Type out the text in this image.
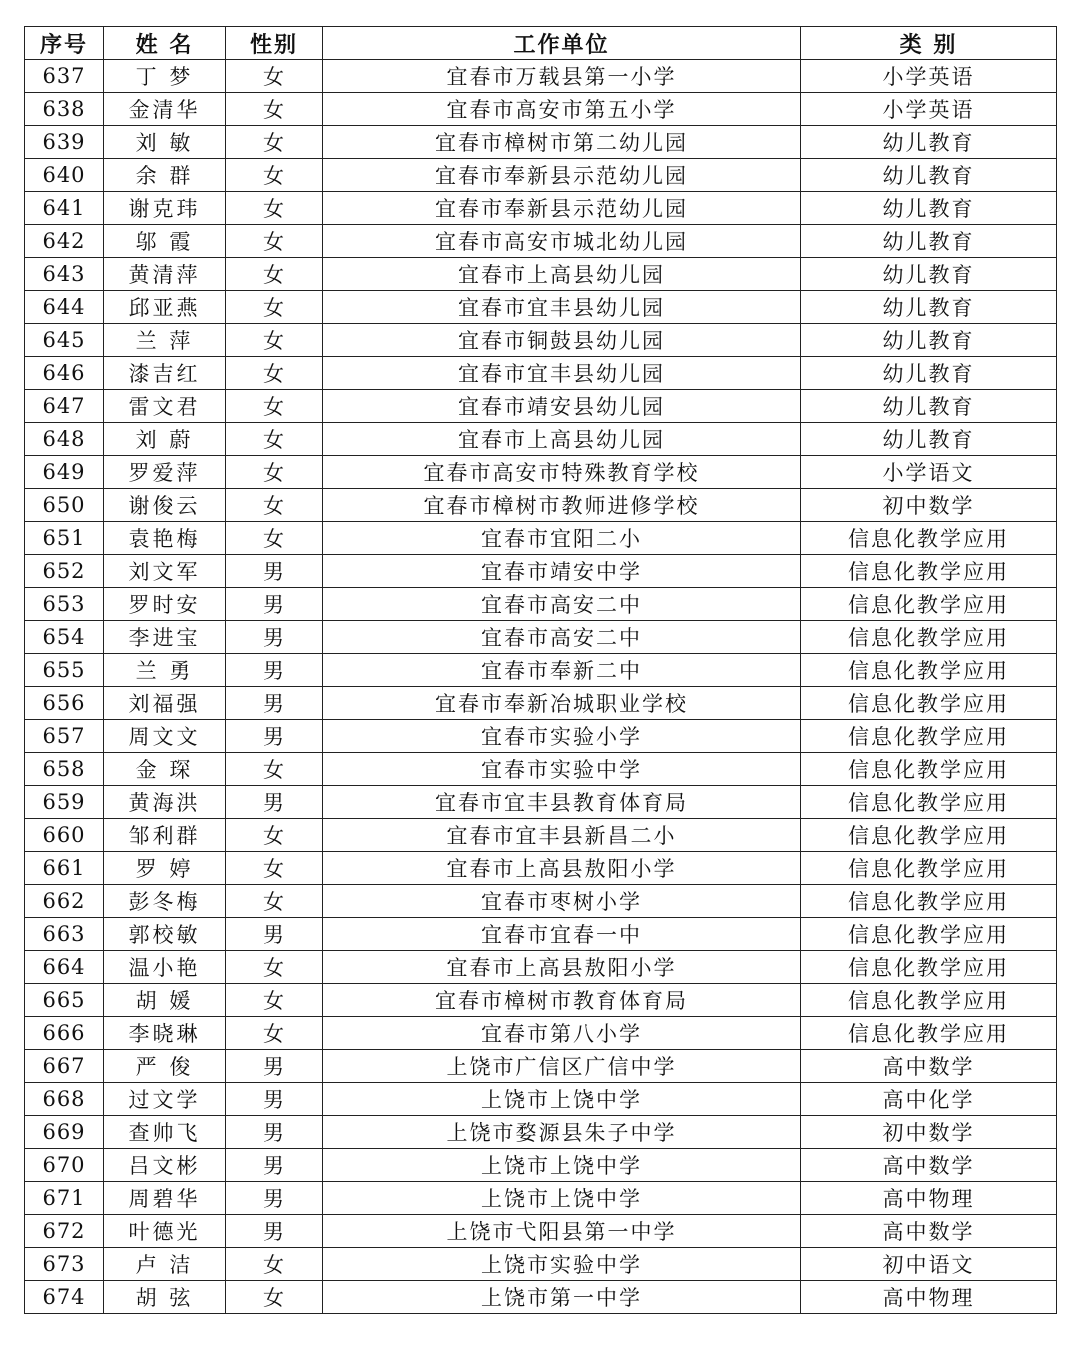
序号	姓 名	性别	工作单位	类 别
637	丁 梦	女	宜春市万载县第一小学	小学英语
638	金清华	女	宜春市高安市第五小学	小学英语
639	刘 敏	女	宜春市樟树市第二幼儿园	幼儿教育
640	余 群	女	宜春市奉新县示范幼儿园	幼儿教育
641	谢克玮	女	宜春市奉新县示范幼儿园	幼儿教育
642	邬 霞	女	宜春市高安市城北幼儿园	幼儿教育
643	黄清萍	女	宜春市上高县幼儿园	幼儿教育
644	邱亚燕	女	宜春市宜丰县幼儿园	幼儿教育
645	兰 萍	女	宜春市铜鼓县幼儿园	幼儿教育
646	漆吉红	女	宜春市宜丰县幼儿园	幼儿教育
647	雷文君	女	宜春市靖安县幼儿园	幼儿教育
648	刘 蔚	女	宜春市上高县幼儿园	幼儿教育
649	罗爱萍	女	宜春市高安市特殊教育学校	小学语文
650	谢俊云	女	宜春市樟树市教师进修学校	初中数学
651	袁艳梅	女	宜春市宜阳二小	信息化教学应用
652	刘文军	男	宜春市靖安中学	信息化教学应用
653	罗时安	男	宜春市高安二中	信息化教学应用
654	李进宝	男	宜春市高安二中	信息化教学应用
655	兰 勇	男	宜春市奉新二中	信息化教学应用
656	刘福强	男	宜春市奉新冶城职业学校	信息化教学应用
657	周文文	男	宜春市实验小学	信息化教学应用
658	金 琛	女	宜春市实验中学	信息化教学应用
659	黄海洪	男	宜春市宜丰县教育体育局	信息化教学应用
660	邹利群	女	宜春市宜丰县新昌二小	信息化教学应用
661	罗 婷	女	宜春市上高县敖阳小学	信息化教学应用
662	彭冬梅	女	宜春市枣树小学	信息化教学应用
663	郭校敏	男	宜春市宜春一中	信息化教学应用
664	温小艳	女	宜春市上高县敖阳小学	信息化教学应用
665	胡 媛	女	宜春市樟树市教育体育局	信息化教学应用
666	李晓琳	女	宜春市第八小学	信息化教学应用
667	严 俊	男	上饶市广信区广信中学	高中数学
668	过文学	男	上饶市上饶中学	高中化学
669	查帅飞	男	上饶市婺源县朱子中学	初中数学
670	吕文彬	男	上饶市上饶中学	高中数学
671	周碧华	男	上饶市上饶中学	高中物理
672	叶德光	男	上饶市弋阳县第一中学	高中数学
673	卢 洁	女	上饶市实验中学	初中语文
674	胡 弦	女	上饶市第一中学	高中物理
